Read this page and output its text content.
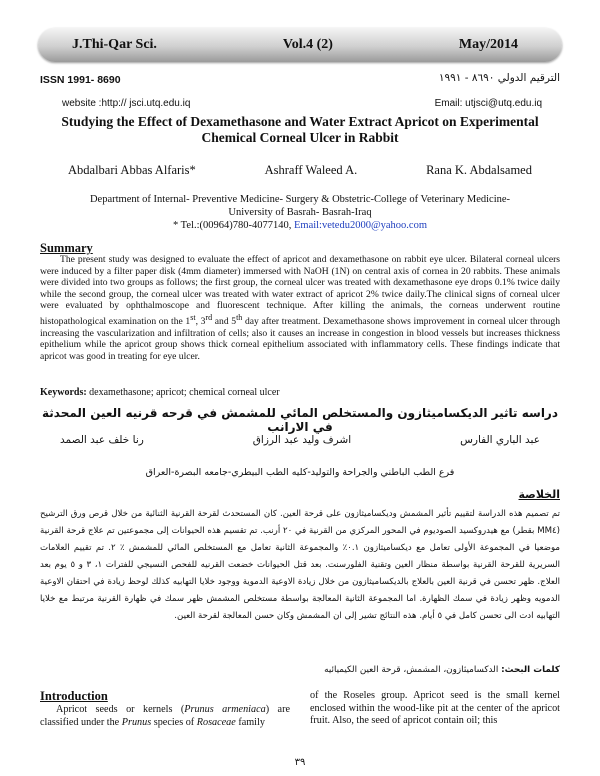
J.Thi-Qar Sci.	Vol.4 (2)	May/2014
ISSN 1991- 8690	الترقيم الدولي ٨٦٩٠ - ١٩٩١
website :http:// jsci.utq.edu.iq	Email: utjsci@utq.edu.iq
Studying the Effect of Dexamethasone and Water Extract Apricot on Experimental Chemical Corneal Ulcer in Rabbit
Abdalbari Abbas Alfaris*	Ashraff Waleed A.	Rana K. Abdalsamed
Department of Internal- Preventive Medicine- Surgery & Obstetric-College of Veterinary Medicine-
University of Basrah- Basrah-Iraq
* Tel.:(00964)780-4077140, Email:vetedu2000@yahoo.com
Summary

The present study was designed to evaluate the effect of apricot and dexamethasone on rabbit eye ulcer. Bilateral corneal ulcers were induced by a filter paper disk (4mm diameter) immersed with NaOH (1N) on central axis of cornea in 20 rabbits. These animals were divided into two groups as follows; the first group, the corneal ulcer was treated with dexamethasone eye drops 0.1% twice daily while the second group, the corneal ulcer was treated with water extract of apricot 2% twice daily.The clinical signs of corneal ulcer were evaluated by ophthalmoscope and fluorescent technique. After killing the animals, the corneas underwent routine histopathological examination on the 1st, 3rd and 5th day after treatment. Dexamethasone shows improvement in corneal ulcer through increasing the vascularization and infiltration of cells; also it causes an increase in congestion in blood vessels but increases thickness epithelium while the apricot group shows thick corneal epithelium associated with inflammatory cells. These findings indicate that apricot was good in treating for eye ulcer.

Keywords: dexamethasone; apricot; chemical corneal ulcer
دراسه تاثير الديكساميثازون والمستخلص المائي للمشمش في قرحه قرنيه العين المحدثة في الارانب
عبد الباري الفارس
اشرف وليد عبد الرزاق
رنا خلف عبد الصمد
فرع الطب الباطني والجراحة والتوليد-كليه الطب البيطري-جامعه البصرة-العراق
الخلاصة

تم تصميم هذه الدراسة لتقييم تأثير المشمش وديكساميثازون على قرحة العين. كان المستحدث لقرحة القرنية الثنائية من خلال قرص ورق الترشيح (MM٤ بقطر) مع هيدروكسيد الصوديوم في المحور المركزي من القرنية في ٢٠ أرنب. تم تقسيم هذه الحيوانات إلى مجموعتين تم علاج قرحة القرنية موضعيا في المجموعة الأولى تعامل مع ديكساميثازون ٠.١٪ والمجموعة الثانية تعامل مع المستخلص المائي للمشمش ٪ ٢. تم تقييم العلامات السريرية للقرحة القرنية بواسطة منظار العين وتقنية الفلورسنت. بعد قتل الحيوانات خضعت القرنيه للفحص النسيجي للفترات ١، ٣ و ٥ يوم بعد العلاج. ظهر تحسن في قرنية العين بالعلاج بالديكساميثازون من خلال زيادة الاوعية الدموية ووجود خلايا التهابيه كذلك لوحظ زيادة في احتقان الاوعية الدمويه وظهر زيادة في سمك الظهارة. اما المجموعة الثانية المعالجة بواسطة مستخلص المشمش ظهر سمك في ظهارة القرنية مرتبط مع خلايا التهابيه ادت الى تحسن كامل في ٥ أيام. هذه النتائج تشير إلى ان المشمش وكان حسن المعالجة لقرحة العين.

كلمات البحث: الدكساميثازون، المشمش، قرحة العين الكيميائيه
Introduction

Apricot seeds or kernels (Prunus armeniaca) are classified under the Prunus species of Rosaceae family

of the Roseles group. Apricot seed is the small kernel enclosed within the wood-like pit at the center of the apricot fruit. Also, the seed of apricot contain oil; this

٣٩
